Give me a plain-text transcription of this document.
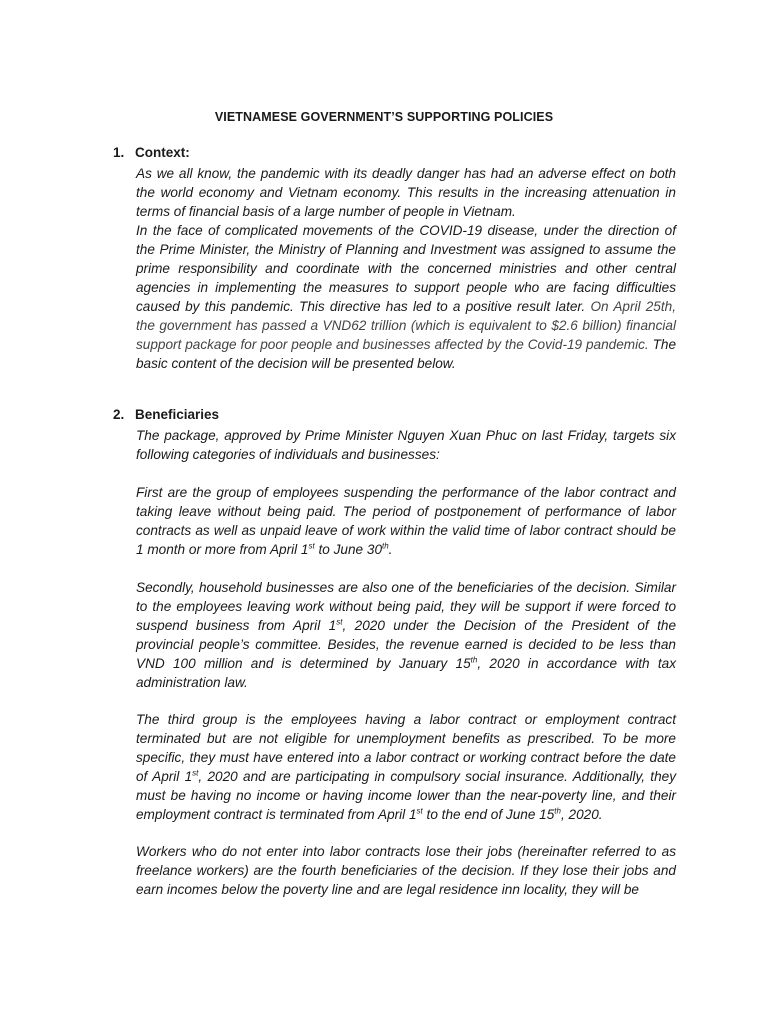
VIETNAMESE GOVERNMENT’S SUPPORTING POLICIES
1. Context:

As we all know, the pandemic with its deadly danger has had an adverse effect on both the world economy and Vietnam economy. This results in the increasing attenuation in terms of financial basis of a large number of people in Vietnam.

In the face of complicated movements of the COVID-19 disease, under the direction of the Prime Minister, the Ministry of Planning and Investment was assigned to assume the prime responsibility and coordinate with the concerned ministries and other central agencies in implementing the measures to support people who are facing difficulties caused by this pandemic. This directive has led to a positive result later. On April 25th, the government has passed a VND62 trillion (which is equivalent to $2.6 billion) financial support package for poor people and businesses affected by the Covid-19 pandemic. The basic content of the decision will be presented below.

2. Beneficiaries

The package, approved by Prime Minister Nguyen Xuan Phuc on last Friday, targets six following categories of individuals and businesses:

First are the group of employees suspending the performance of the labor contract and taking leave without being paid. The period of postponement of performance of labor contracts as well as unpaid leave of work within the valid time of labor contract should be 1 month or more from April 1st to June 30th.

Secondly, household businesses are also one of the beneficiaries of the decision. Similar to the employees leaving work without being paid, they will be support if were forced to suspend business from April 1st, 2020 under the Decision of the President of the provincial people’s committee. Besides, the revenue earned is decided to be less than VND 100 million and is determined by January 15th, 2020 in accordance with tax administration law.

The third group is the employees having a labor contract or employment contract terminated but are not eligible for unemployment benefits as prescribed. To be more specific, they must have entered into a labor contract or working contract before the date of April 1st, 2020 and are participating in compulsory social insurance. Additionally, they must be having no income or having income lower than the near-poverty line, and their employment contract is terminated from April 1st to the end of June 15th, 2020.

Workers who do not enter into labor contracts lose their jobs (hereinafter referred to as freelance workers) are the fourth beneficiaries of the decision. If they lose their jobs and earn incomes below the poverty line and are legal residence inn locality, they will be
